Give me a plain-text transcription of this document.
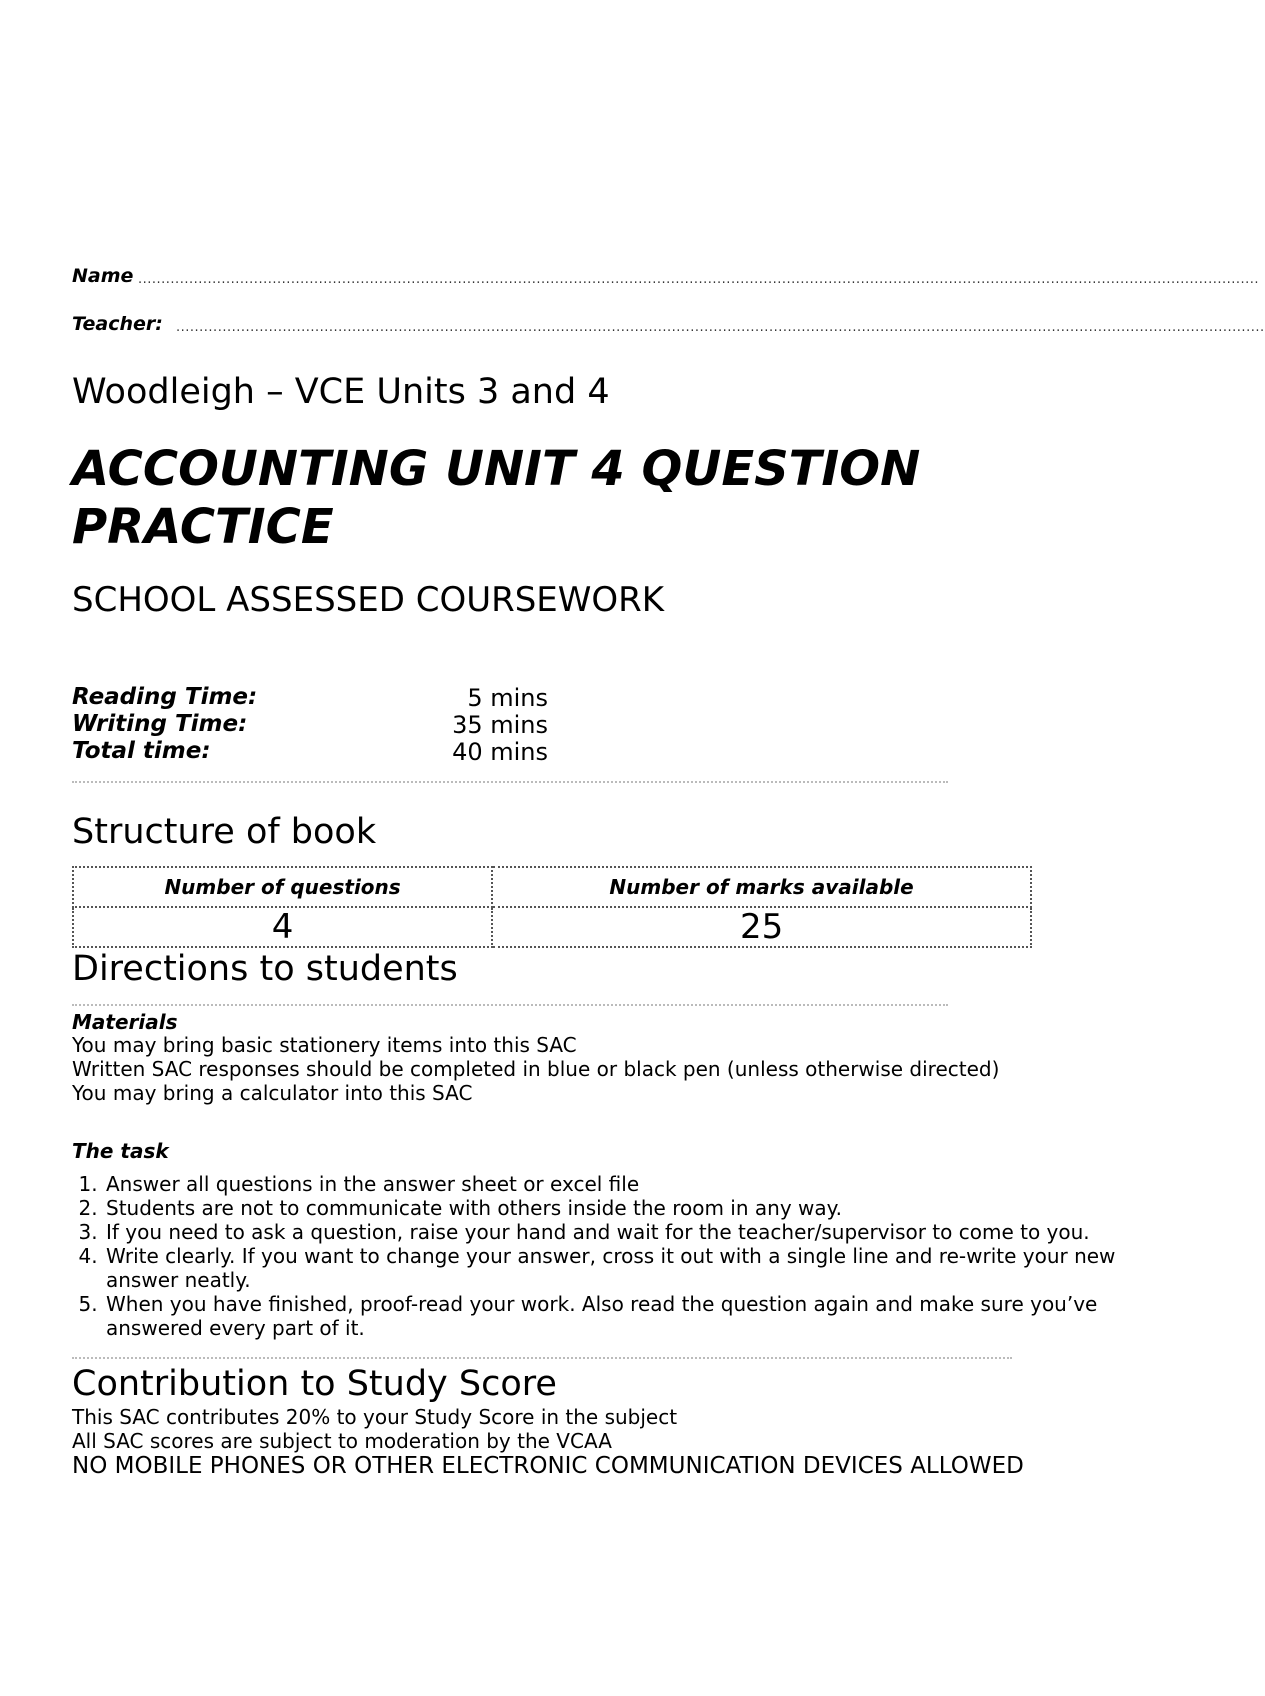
Name ..................................................................................................................................................................................................................................................
Teacher: ...........................................................................................................................................................................................................................................
Woodleigh – VCE Units 3 and 4
ACCOUNTING UNIT 4 QUESTION PRACTICE
SCHOOL ASSESSED COURSEWORK
Reading Time:	5 mins
Writing Time:	35 mins
Total time:	40 mins
Structure of book
Number of questions	Number of marks available
4	25
Directions to students
Materials
You may bring basic stationery items into this SAC
Written SAC responses should be completed in blue or black pen (unless otherwise directed)
You may bring a calculator into this SAC
The task
1. Answer all questions in the answer sheet or excel file
2. Students are not to communicate with others inside the room in any way.
3. If you need to ask a question, raise your hand and wait for the teacher/supervisor to come to you.
4. Write clearly. If you want to change your answer, cross it out with a single line and re-write your new answer neatly.
5. When you have finished, proof-read your work. Also read the question again and make sure you’ve answered every part of it.
Contribution to Study Score
This SAC contributes 20% to your Study Score in the subject
All SAC scores are subject to moderation by the VCAA
NO MOBILE PHONES OR OTHER ELECTRONIC COMMUNICATION DEVICES ALLOWED
